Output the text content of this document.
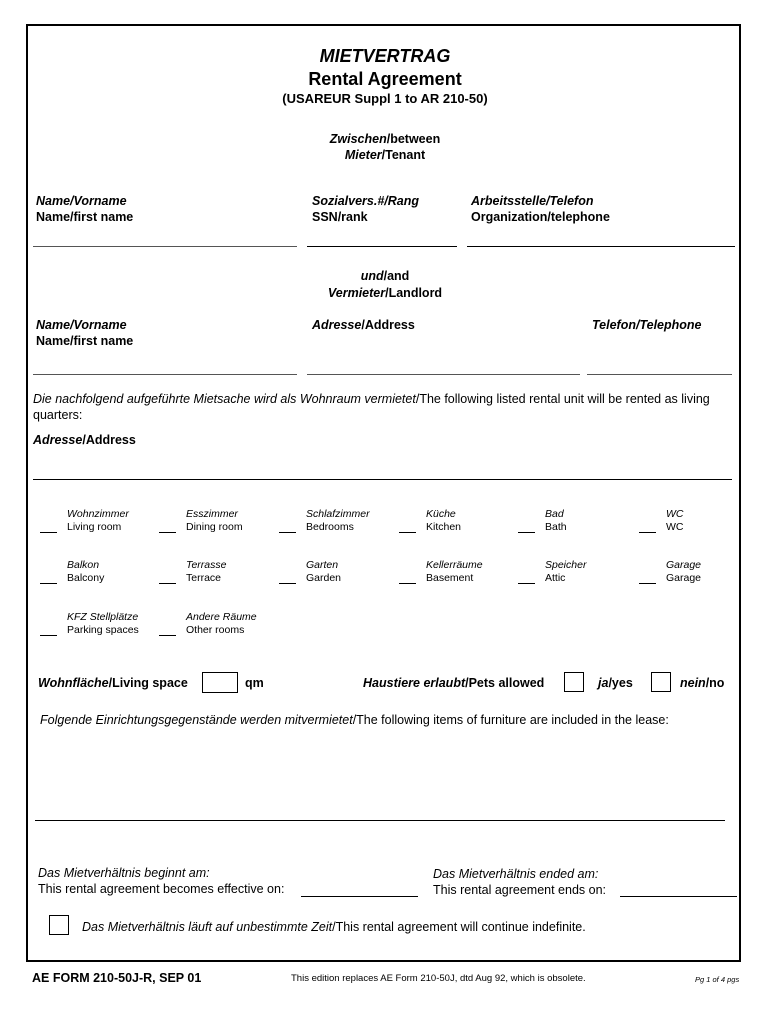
MIETVERTRAG
Rental Agreement
(USAREUR Suppl 1 to AR 210-50)
Zwischen/between
Mieter/Tenant
Name/Vorname
Name/first name
Sozialvers.#/Rang
SSN/rank
Arbeitsstelle/Telefon
Organization/telephone
und/and
Vermieter/Landlord
Name/Vorname
Name/first name
Adresse/Address	Telefon/Telephone
Die nachfolgend aufgeführte Mietsache wird als Wohnraum vermietet/The following listed rental unit will be rented as living quarters:
Adresse/Address
Wohnzimmer
Living room
Esszimmer
Dining room
Schlafzimmer
Bedrooms
Küche
Kitchen
Bad
Bath
WC
WC
Balkon
Balcony
Terrasse
Terrace
Garten
Garden
Kellerräume
Basement
Speicher
Attic
Garage
Garage
KFZ Stellplätze
Parking spaces
Andere Räume
Other rooms
Wohnfläche/Living space	qm	Haustiere erlaubt/Pets allowed	ja/yes	nein/no
Folgende Einrichtungsgegenstände werden mitvermietet/The following items of furniture are included in the lease:
Das Mietverhältnis beginnt am:
This rental agreement becomes effective on:
Das Mietverhältnis ended am:
This rental agreement ends on:
Das Mietverhältnis läuft auf unbestimmte Zeit/This rental agreement will continue indefinite.
AE FORM 210-50J-R, SEP 01	This edition replaces AE Form 210-50J, dtd Aug 92, which is obsolete.	Pg 1 of 4 pgs
